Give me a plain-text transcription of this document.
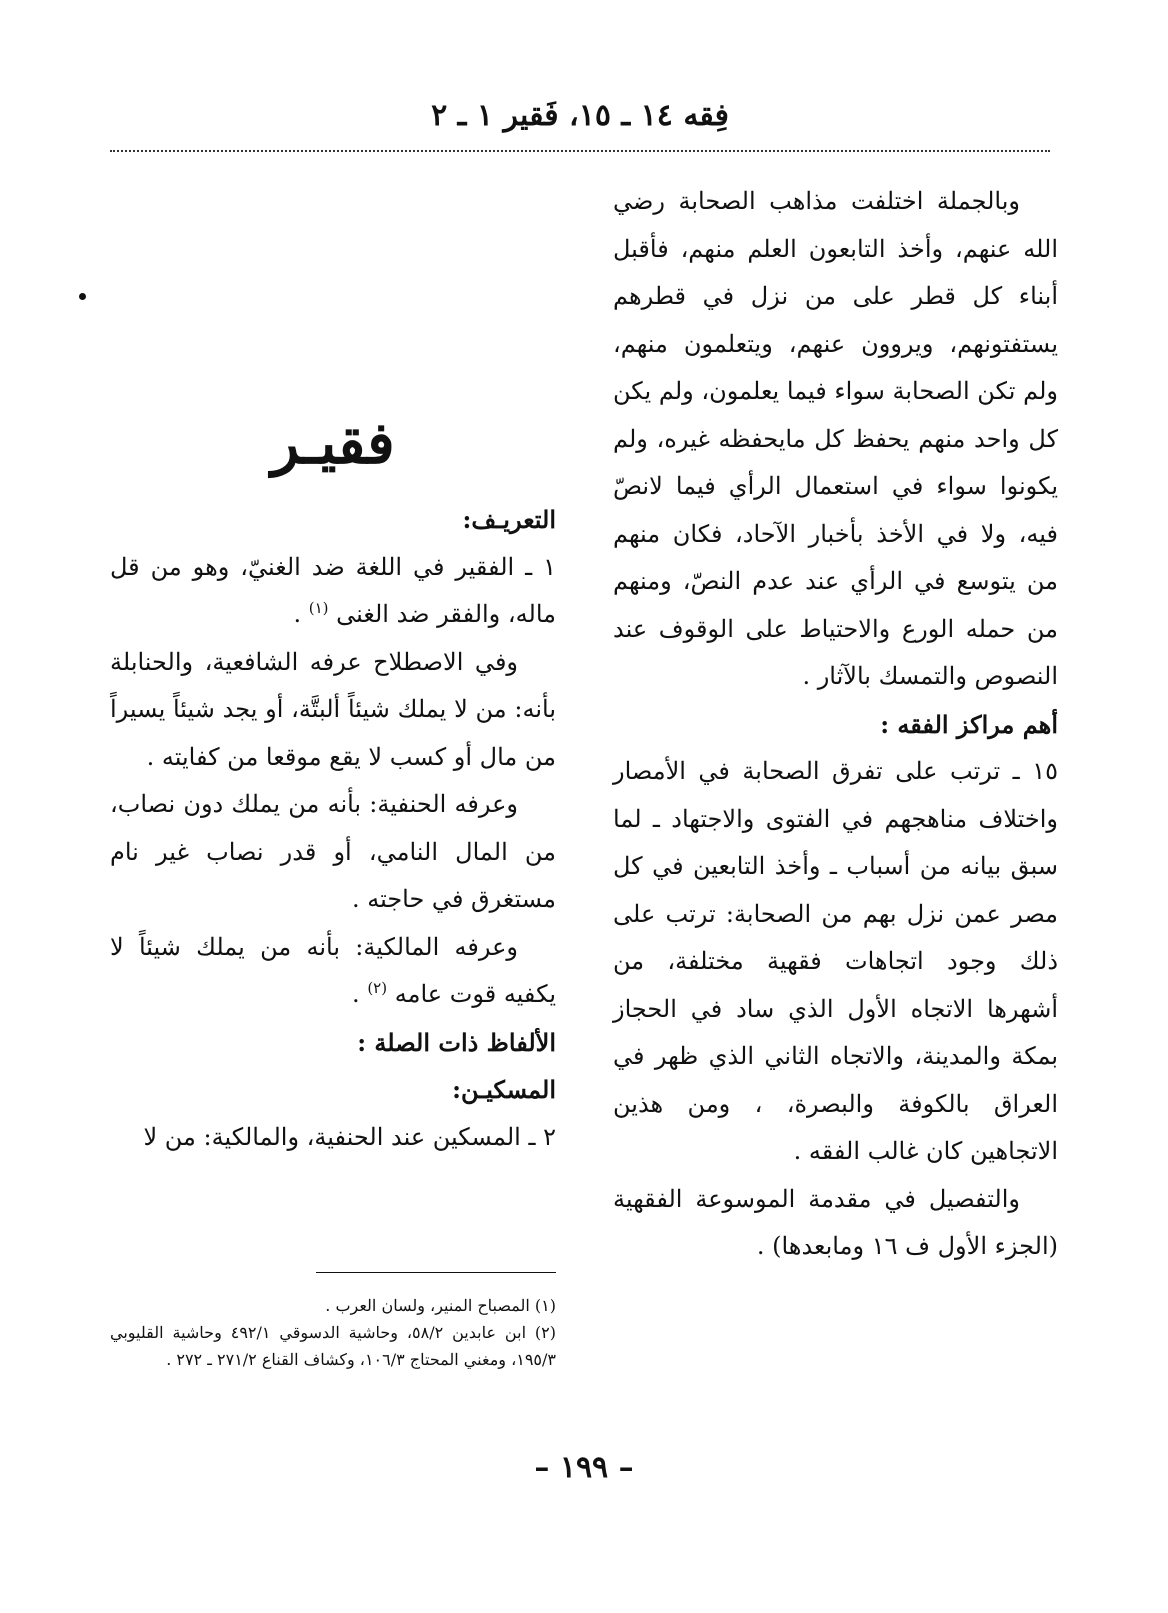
فِقه ١٤ ـ ١٥، فَقير ١ ـ ٢

وبالجملة اختلفت مذاهب الصحابة رضي الله عنهم، وأخذ التابعون العلم منهم، فأقبل أبناء كل قطر على من نزل في قطرهم يستفتونهم، ويروون عنهم، ويتعلمون منهم، ولم تكن الصحابة سواء فيما يعلمون، ولم يكن كل واحد منهم يحفظ كل مايحفظه غيره، ولم يكونوا سواء في استعمال الرأي فيما لانصّ فيه، ولا في الأخذ بأخبار الآحاد، فكان منهم من يتوسع في الرأي عند عدم النصّ، ومنهم من حمله الورع والاحتياط على الوقوف عند النصوص والتمسك بالآثار .

أهم مراكز الفقه :

١٥ ـ ترتب على تفرق الصحابة في الأمصار واختلاف مناهجهم في الفتوى والاجتهاد ـ لما سبق بيانه من أسباب ـ وأخذ التابعين في كل مصر عمن نزل بهم من الصحابة: ترتب على ذلك وجود اتجاهات فقهية مختلفة، من أشهرها الاتجاه الأول الذي ساد في الحجاز بمكة والمدينة، والاتجاه الثاني الذي ظهر في العراق بالكوفة والبصرة، ، ومن هذين الاتجاهين كان غالب الفقه .

والتفصيل في مقدمة الموسوعة الفقهية (الجزء الأول ف ١٦ ومابعدها) .

فقيـر

التعريـف:

١ ـ الفقير في اللغة ضد الغنيّ، وهو من قل ماله، والفقر ضد الغنى $^{(١)}$ .

وفي الاصطلاح عرفه الشافعية، والحنابلة بأنه: من لا يملك شيئاً ألبتَّة، أو يجد شيئاً يسيراً من مال أو كسب لا يقع موقعا من كفايته .

وعرفه الحنفية: بأنه من يملك دون نصاب، من المال النامي، أو قدر نصاب غير نام مستغرق في حاجته .

وعرفه المالكية: بأنه من يملك شيئاً لا يكفيه قوت عامه $^{(٢)}$ .

الألفاظ ذات الصلة :

المسكيـن:

٢ ـ المسكين عند الحنفية، والمالكية: من لا

(١) المصباح المنير، ولسان العرب .

(٢) ابن عابدين ٥٨/٢، وحاشية الدسوقي ٤٩٢/١ وحاشية القليوبي ١٩٥/٣، ومغني المحتاج ١٠٦/٣، وكشاف القناع ٢٧١/٢ ـ ٢٧٢ .

– ١٩٩ –
